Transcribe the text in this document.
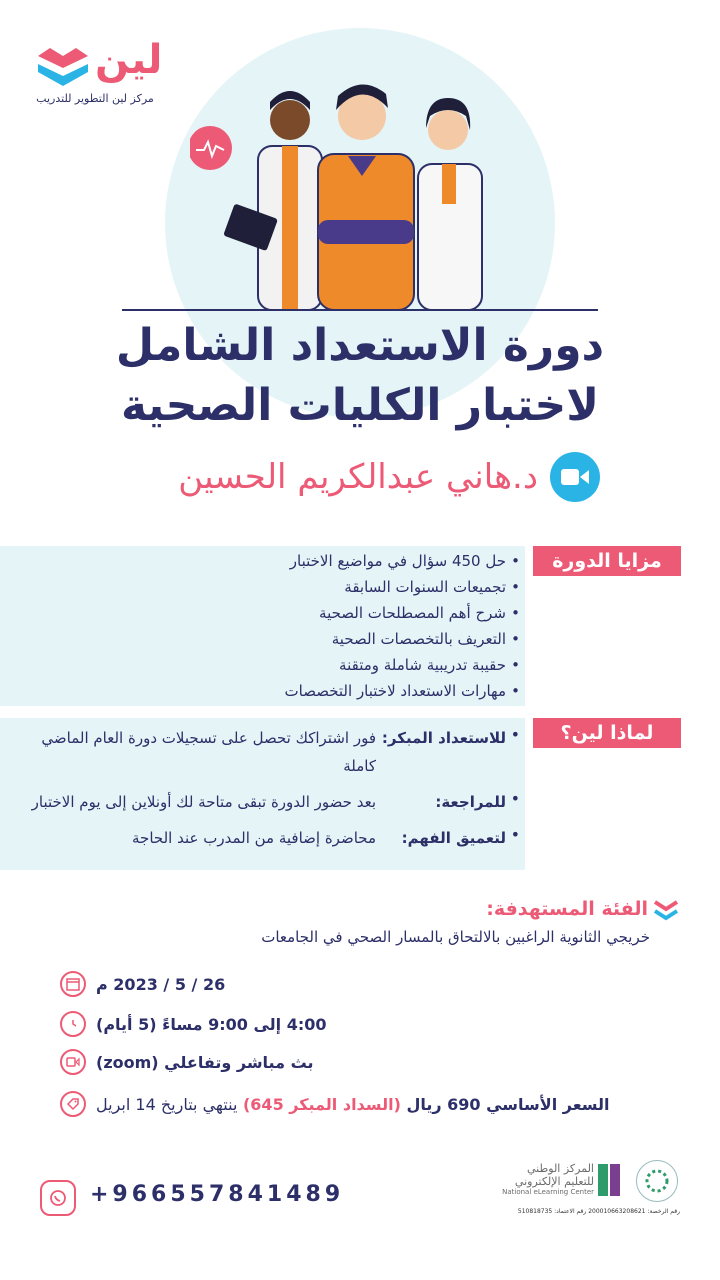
لين
مركز لين التطوير للتدريب
دورة الاستعداد الشامل
لاختبار الكليات الصحية
د.هاني عبدالكريم الحسين
مزايا الدورة
• حل 450 سؤال في مواضيع الاختبار
• تجميعات السنوات السابقة
• شرح أهم المصطلحات الصحية
• التعريف بالتخصصات الصحية
• حقيبة تدريبية شاملة ومتقنة
• مهارات الاستعداد لاختبار التخصصات
لماذا لين؟
• للاستعداد المبكر:
فور اشتراكك تحصل على تسجيلات دورة العام الماضي كاملة
• للمراجعة:
بعد حضور الدورة تبقى متاحة لك أونلاين إلى يوم الاختبار
• لتعميق الفهم:
محاضرة إضافية من المدرب عند الحاجة
الفئة المستهدفة:
خريجي الثانوية الراغبين بالالتحاق بالمسار الصحي في الجامعات
26 / 5 / 2023 م
4:00 إلى 9:00 مساءً (5 أيام)
بث مباشر وتفاعلي (zoom)
السعر الأساسي 690 ريال (السداد المبكر 645) ينتهي بتاريخ 14 ابريل
+966557841489
المركز الوطني
للتعليم الإلكتروني
National eLearning Center
رقم الرخصة: 2000106632086​21 رقم الاعتماد: 510818735
